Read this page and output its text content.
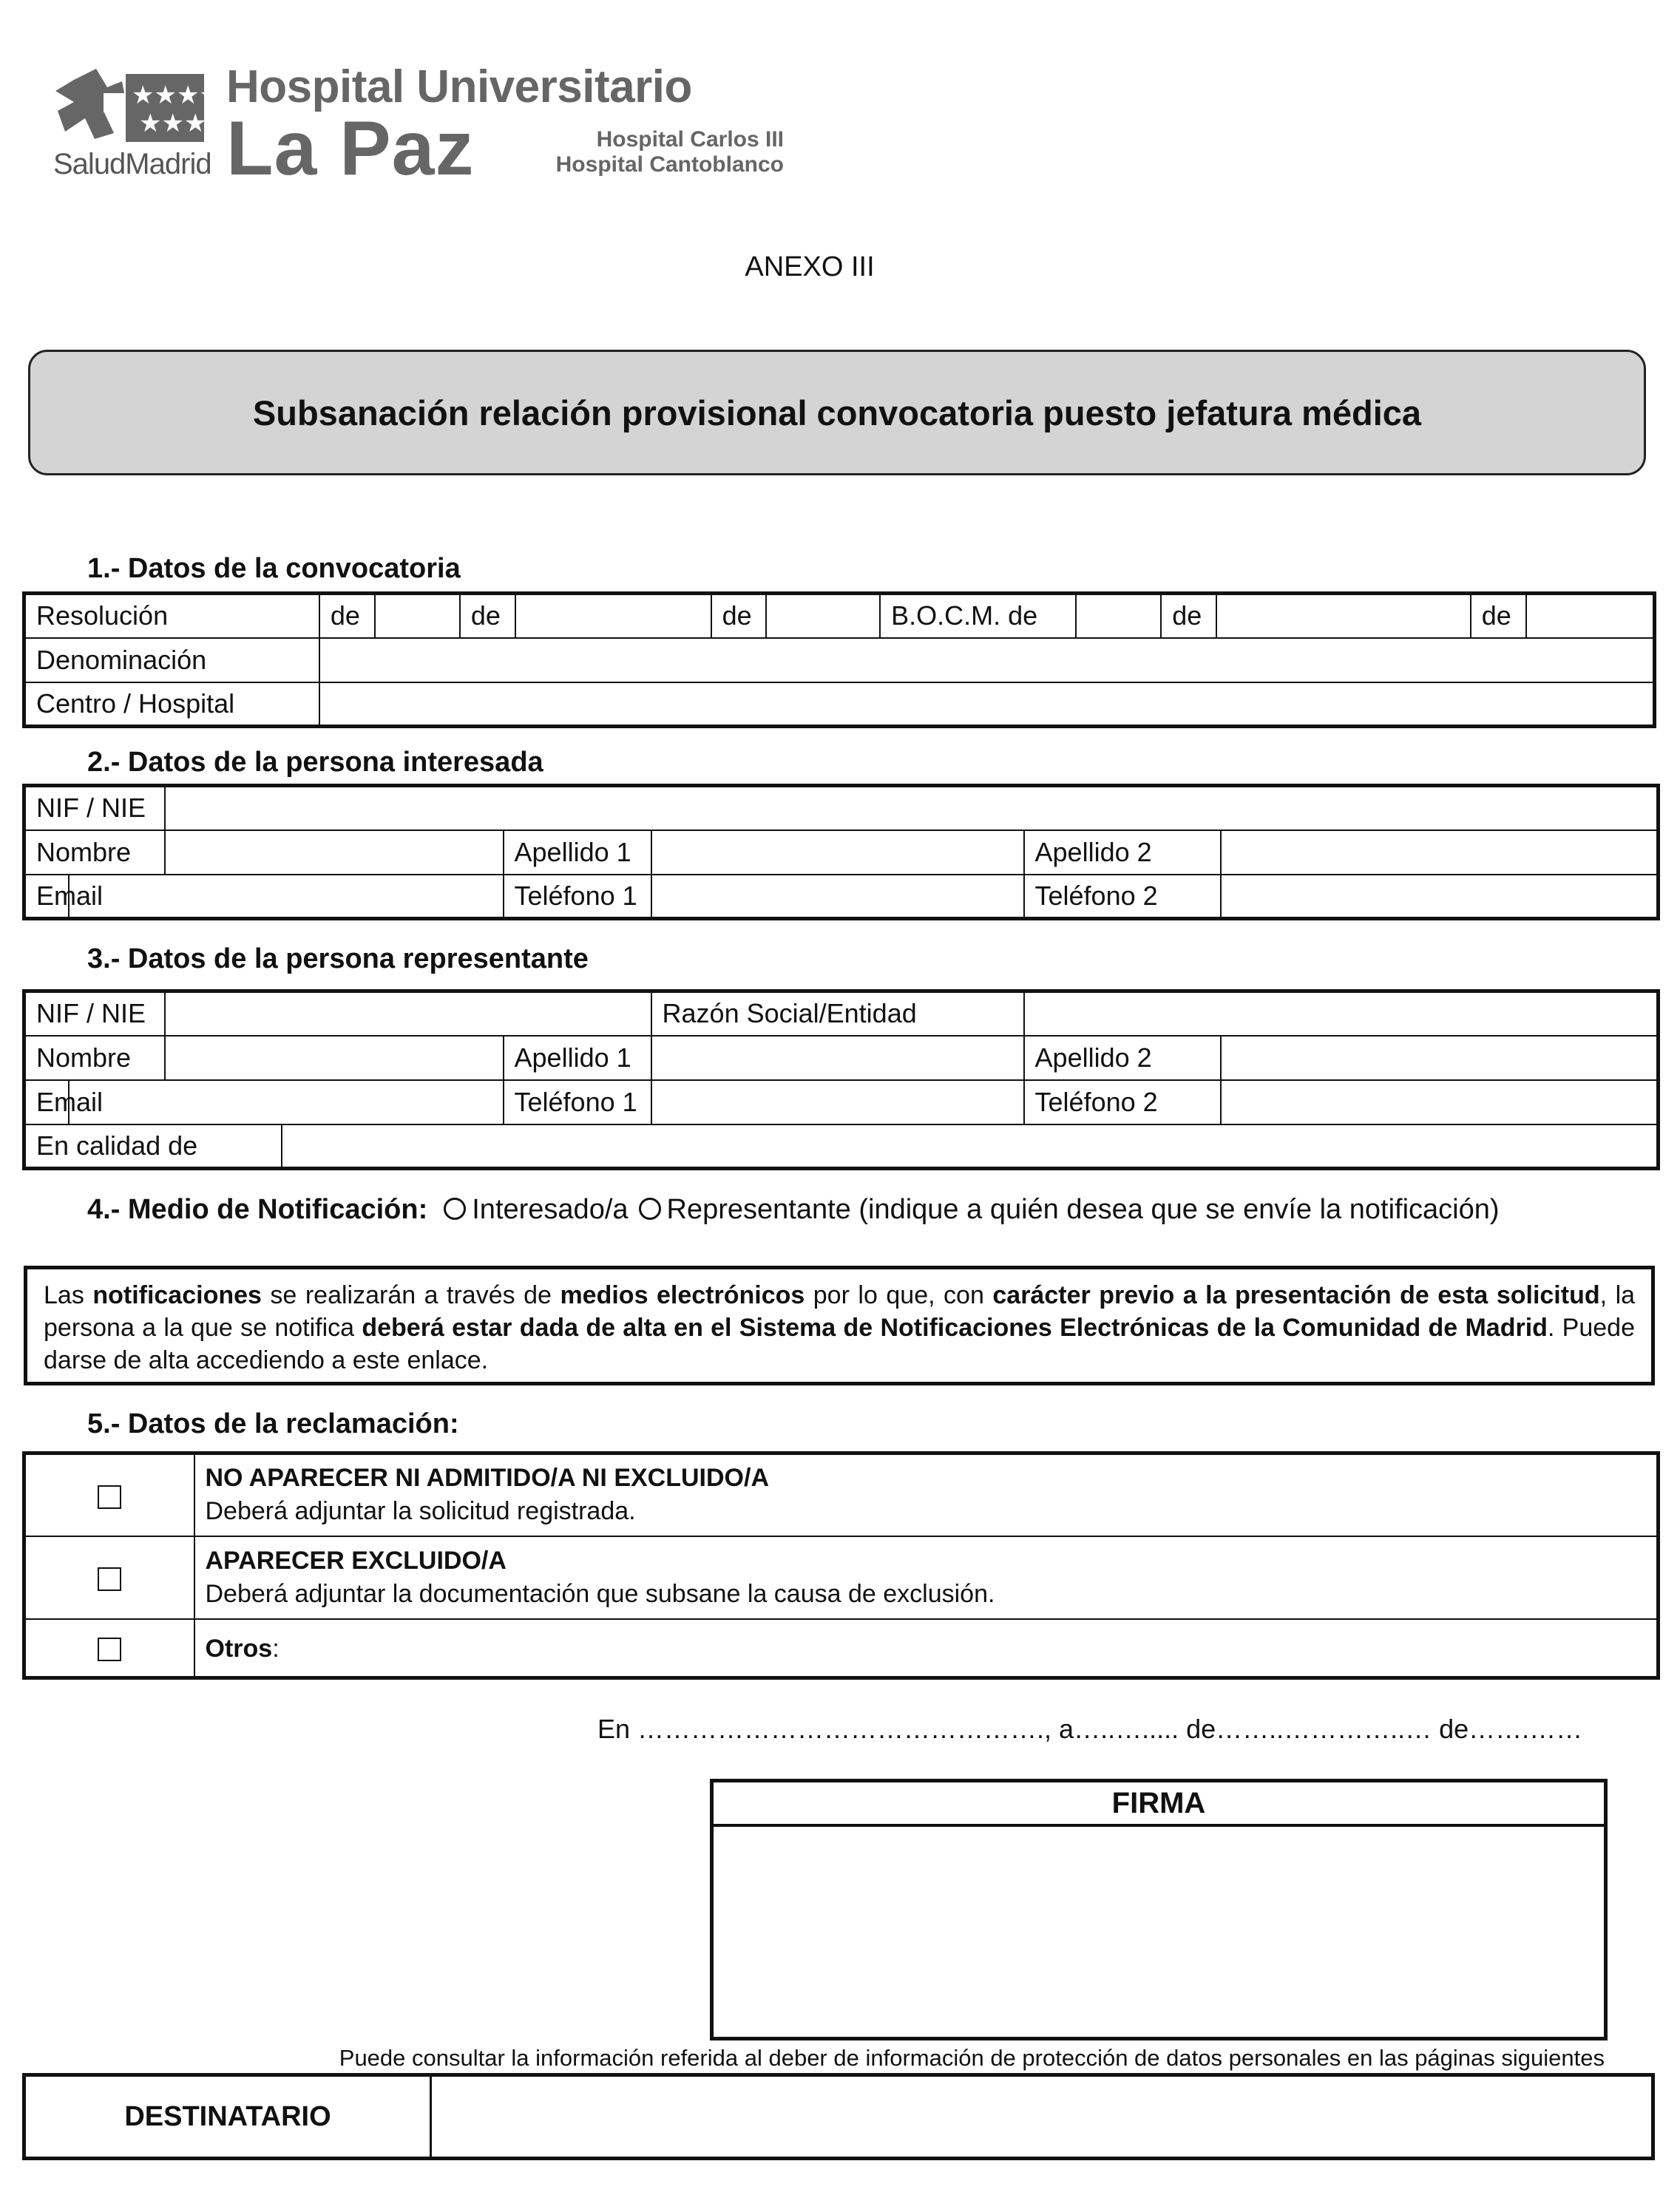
★★★★
★★★
SaludMadrid
Hospital Universitario
La Paz	Hospital Carlos III
Hospital Cantoblanco
ANEXO III
Subsanación relación provisional convocatoria puesto jefatura médica
1.- Datos de la convocatoria
Resolución	de		de		de		B.O.C.M. de		de		de	
Denominación												
Centro / Hospital												
2.- Datos de la persona interesada
NIF / NIE						
Nombre			Apellido 1		Apellido 2	
Email			Teléfono 1		Teléfono 2	
3.- Datos de la persona representante
NIF / NIE					Razón Social/Entidad		
Nombre				Apellido 1		Apellido 2	
Email				Teléfono 1		Teléfono 2	
En calidad de							
4.- Medio de Notificación: Interesado/a Representante (indique a quién desea que se envíe la notificación)
Las notificaciones se realizarán a través de medios electrónicos por lo que, con carácter previo a la presentación de esta solicitud, la persona a la que se notifica deberá estar dada de alta en el Sistema de Notificaciones Electrónicas de la Comunidad de Madrid. Puede darse de alta accediendo a este enlace.
5.- Datos de la reclamación:

	NO APARECER NI ADMITIDO/A NI EXCLUIDO/A
Deberá adjuntar la solicitud registrada.

	APARECER EXCLUIDO/A
Deberá adjuntar la documentación que subsane la causa de exclusión.

	Otros:
En ………………………………………., a…..…..... de……..…………..… de…….……
FIRMA
Puede consultar la información referida al deber de información de protección de datos personales en las páginas siguientes
DESTINATARIO
